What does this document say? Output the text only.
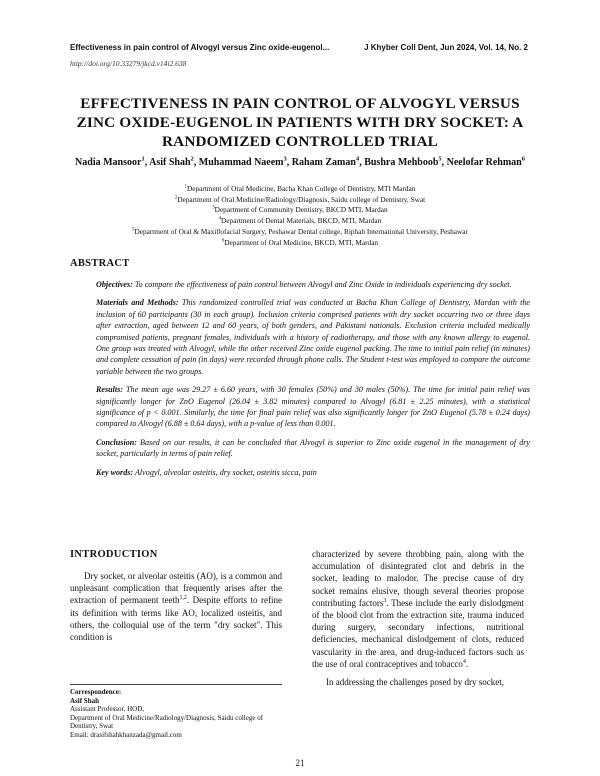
Effectiveness in pain control of Alvogyl versus Zinc oxide-eugenol...	J Khyber Coll Dent, Jun 2024, Vol. 14, No. 2
http://doi.org/10.33279/jkcd.v14i2.638
EFFECTIVENESS IN PAIN CONTROL OF ALVOGYL VERSUS ZINC OXIDE-EUGENOL IN PATIENTS WITH DRY SOCKET: A RANDOMIZED CONTROLLED TRIAL
Nadia Mansoor$^1$, Asif Shah$^2$, Muhammad Naeem$^3$, Raham Zaman$^4$, Bushra Mehboob$^5$, Neelofar Rehman$^6$
$^1$Department of Oral Medicine, Bacha Khan College of Dentistry, MTI Mardan
$^2$Department of Oral Medicine/Radiology/Diagnosis, Saidu college of Dentistry, Swat
$^3$Department of Community Dentistry, BKCD MTI, Mardan
$^4$Department of Dental Materials, BKCD, MTI, Mardan
$^5$Department of Oral & Maxillofacial Surgery, Peshawar Dental college, Riphah International University, Peshawar
$^6$Department of Oral Medicine, BKCD, MTI, Mardan
ABSTRACT

Objectives: To compare the effectiveness of pain control between Alvogyl and Zinc Oxide in individuals experiencing dry socket.

Materials and Methods: This randomized controlled trial was conducted at Bacha Khan College of Dentistry, Mardan with the inclusion of 60 participants (30 in each group). Inclusion criteria comprised patients with dry socket occurring two or three days after extraction, aged between 12 and 60 years, of both genders, and Pakistani nationals. Exclusion criteria included medically compromised patients, pregnant females, individuals with a history of radiotherapy, and those with any known allergy to eugenol. One group was treated with Alvogyl, while the other received Zinc oxide eugenol packing. The time to initial pain relief (in minutes) and complete cessation of pain (in days) were recorded through phone calls. The Student t-test was employed to compare the outcome variable between the two groups.

Results: The mean age was 29.27 ± 6.60 years, with 30 females (50%) and 30 males (50%). The time for initial pain relief was significantly longer for ZnO Eugenol (26.04 ± 3.82 minutes) compared to Alvogyl (6.81 ± 2.25 minutes), with a statistical significance of p < 0.001. Similarly, the time for final pain relief was also significantly longer for ZnO Eugenol (5.78 ± 0.24 days) compared to Alvogyl (6.88 ± 0.64 days), with a p-value of less than 0.001.

Conclusion: Based on our results, it can be concluded that Alvogyl is superior to Zinc oxide eugenol in the management of dry socket, particularly in terms of pain relief.

Key words: Alvogyl, alveolar osteitis, dry socket, osteitis sicca, pain

INTRODUCTION

Dry socket, or alveolar osteitis (AO), is a common and unpleasant complication that frequently arises after the extraction of permanent teeth$^{1,2}$. Despite efforts to refine its definition with terms like AO, localized osteitis, and others, the colloquial use of the term "dry socket". This condition is

Correspondence:
Asif Shah
Assistant Professor, HOD,
Department of Oral Medicine/Radiology/Diagnosis, Saidu college of Dentistry, Swat
Email: drasifshahkhanzada@gmail.com

characterized by severe throbbing pain, along with the accumulation of disintegrated clot and debris in the socket, leading to malodor. The precise cause of dry socket remains elusive, though several theories propose contributing factors$^3$. These include the early dislodgment of the blood clot from the extraction site, trauma induced during surgery, secondary infections, nutritional deficiencies, mechanical dislodgement of clots, reduced vascularity in the area, and drug-induced factors such as the use of oral contraceptives and tobacco$^4$.

In addressing the challenges posed by dry socket,

21
